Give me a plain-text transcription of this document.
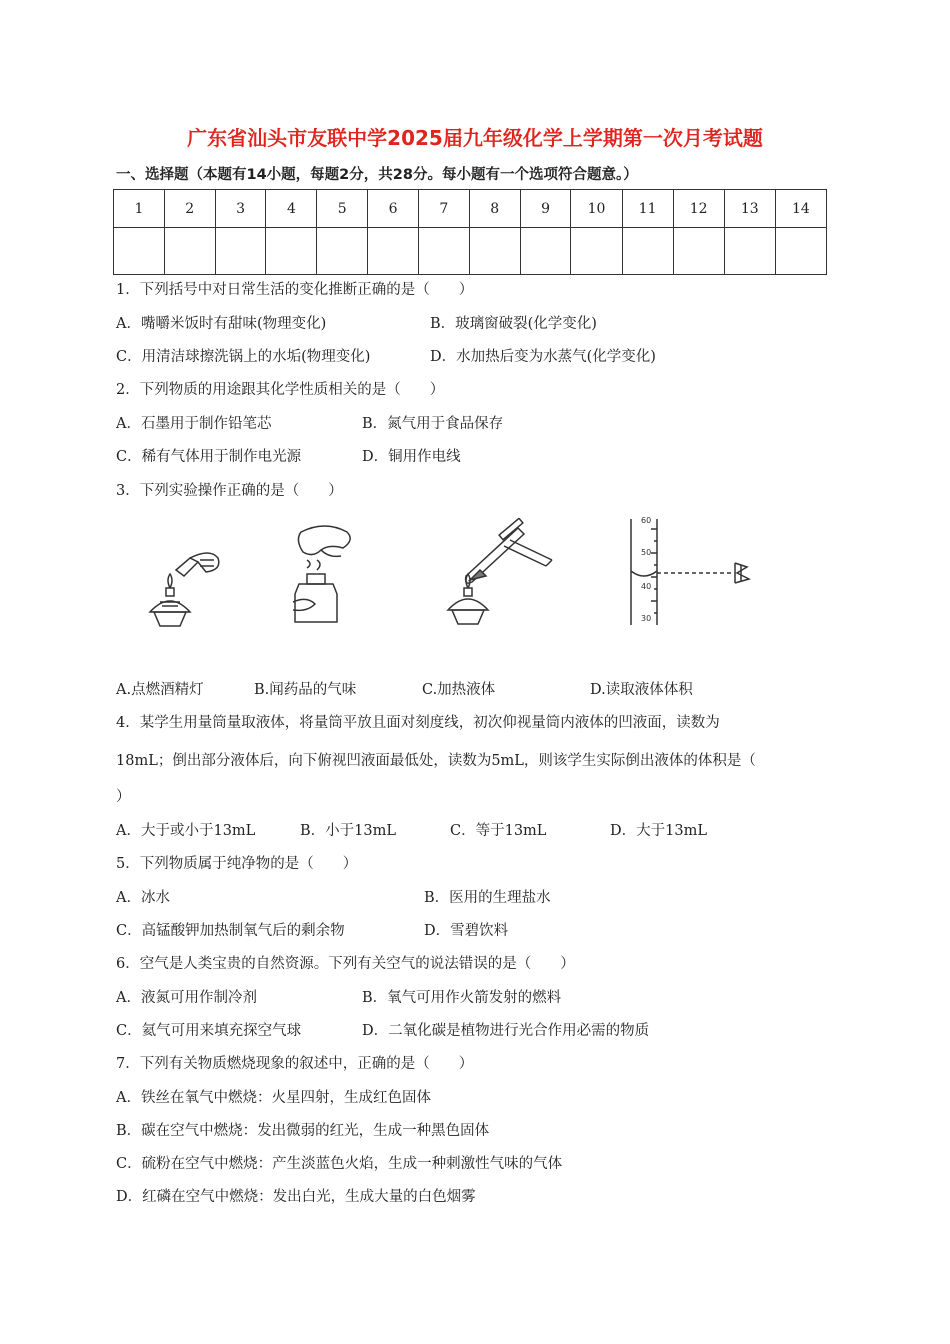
广东省汕头市友联中学2025届九年级化学上学期第一次月考试题
一、选择题（本题有14小题，每题2分，共28分。每小题有一个选项符合题意。）
1	2	3	4	5	6	7	8	9	10	11	12	13	14

1．下列括号中对日常生活的变化推断正确的是（　　）
A．嘴嚼米饭时有甜味(物理变化)	B．玻璃窗破裂(化学变化)
C．用清洁球擦洗锅上的水垢(物理变化)	D．水加热后变为水蒸气(化学变化)
2．下列物质的用途跟其化学性质相关的是（　　）
A．石墨用于制作铅笔芯	B．氮气用于食品保存
C．稀有气体用于制作电光源	D．铜用作电线
3．下列实验操作正确的是（　　）
60
50
40
30
A.点燃酒精灯	B.闻药品的气味	C.加热液体	D.读取液体体积
4．某学生用量筒量取液体，将量筒平放且面对刻度线，初次仰视量筒内液体的凹液面，读数为
18mL；倒出部分液体后，向下俯视凹液面最低处，读数为5mL，则该学生实际倒出液体的体积是（
）
A．大于或小于13mL	B．小于13mL	C．等于13mL	D．大于13mL
5．下列物质属于纯净物的是（　　）
A．冰水	B．医用的生理盐水
C．高锰酸钾加热制氧气后的剩余物	D．雪碧饮料
6．空气是人类宝贵的自然资源。下列有关空气的说法错误的是（　　）
A．液氮可用作制冷剂	B．氧气可用作火箭发射的燃料
C．氦气可用来填充探空气球	D．二氧化碳是植物进行光合作用必需的物质
7．下列有关物质燃烧现象的叙述中，正确的是（　　）
A．铁丝在氧气中燃烧：火星四射，生成红色固体
B．碳在空气中燃烧：发出微弱的红光，生成一种黑色固体
C．硫粉在空气中燃烧：产生淡蓝色火焰，生成一种刺激性气味的气体
D．红磷在空气中燃烧：发出白光，生成大量的白色烟雾
